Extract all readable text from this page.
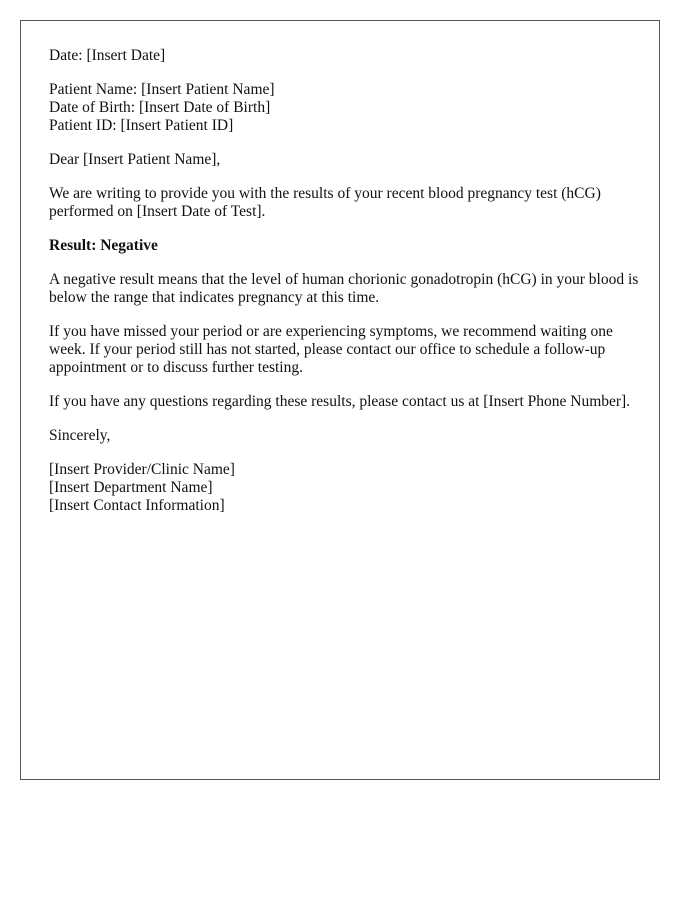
Date: [Insert Date]

Patient Name: [Insert Patient Name]
Date of Birth: [Insert Date of Birth]
Patient ID: [Insert Patient ID]

Dear [Insert Patient Name],

We are writing to provide you with the results of your recent blood pregnancy test (hCG) performed on [Insert Date of Test].

Result: Negative

A negative result means that the level of human chorionic gonadotropin (hCG) in your blood is below the range that indicates pregnancy at this time.

If you have missed your period or are experiencing symptoms, we recommend waiting one week. If your period still has not started, please contact our office to schedule a follow-up appointment or to discuss further testing.

If you have any questions regarding these results, please contact us at [Insert Phone Number].

Sincerely,

[Insert Provider/Clinic Name]
[Insert Department Name]
[Insert Contact Information]
